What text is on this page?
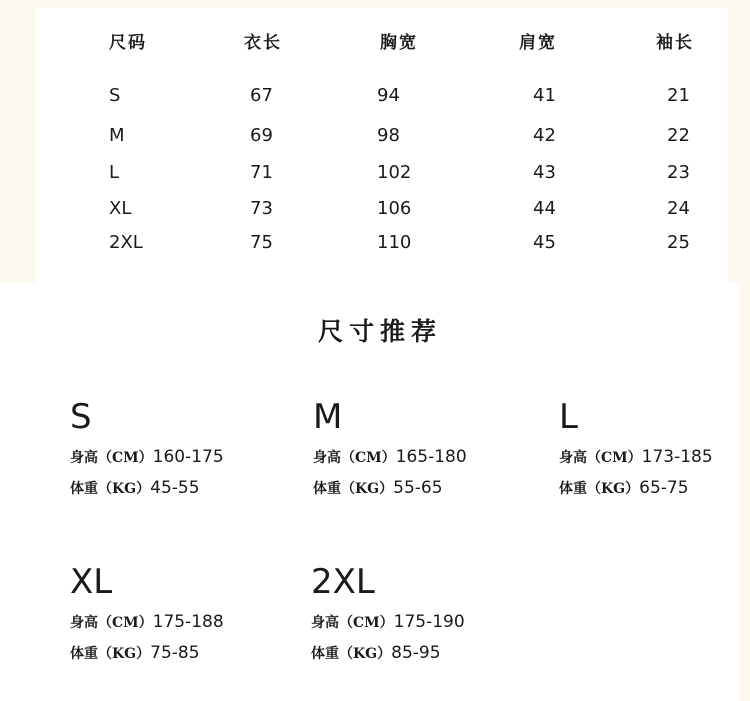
尺码	衣长	胸宽	肩宽	袖长
S	67	94	41	21
M	69	98	42	22
L	71	102	43	23
XL	73	106	44	24
2XL	75	110	45	25
尺寸推荐
S
身高（CM）160-175
体重（KG）45-55
M
身高（CM）165-180
体重（KG）55-65
L
身高（CM）173-185
体重（KG）65-75
XL
身高（CM）175-188
体重（KG）75-85
2XL
身高（CM）175-190
体重（KG）85-95
